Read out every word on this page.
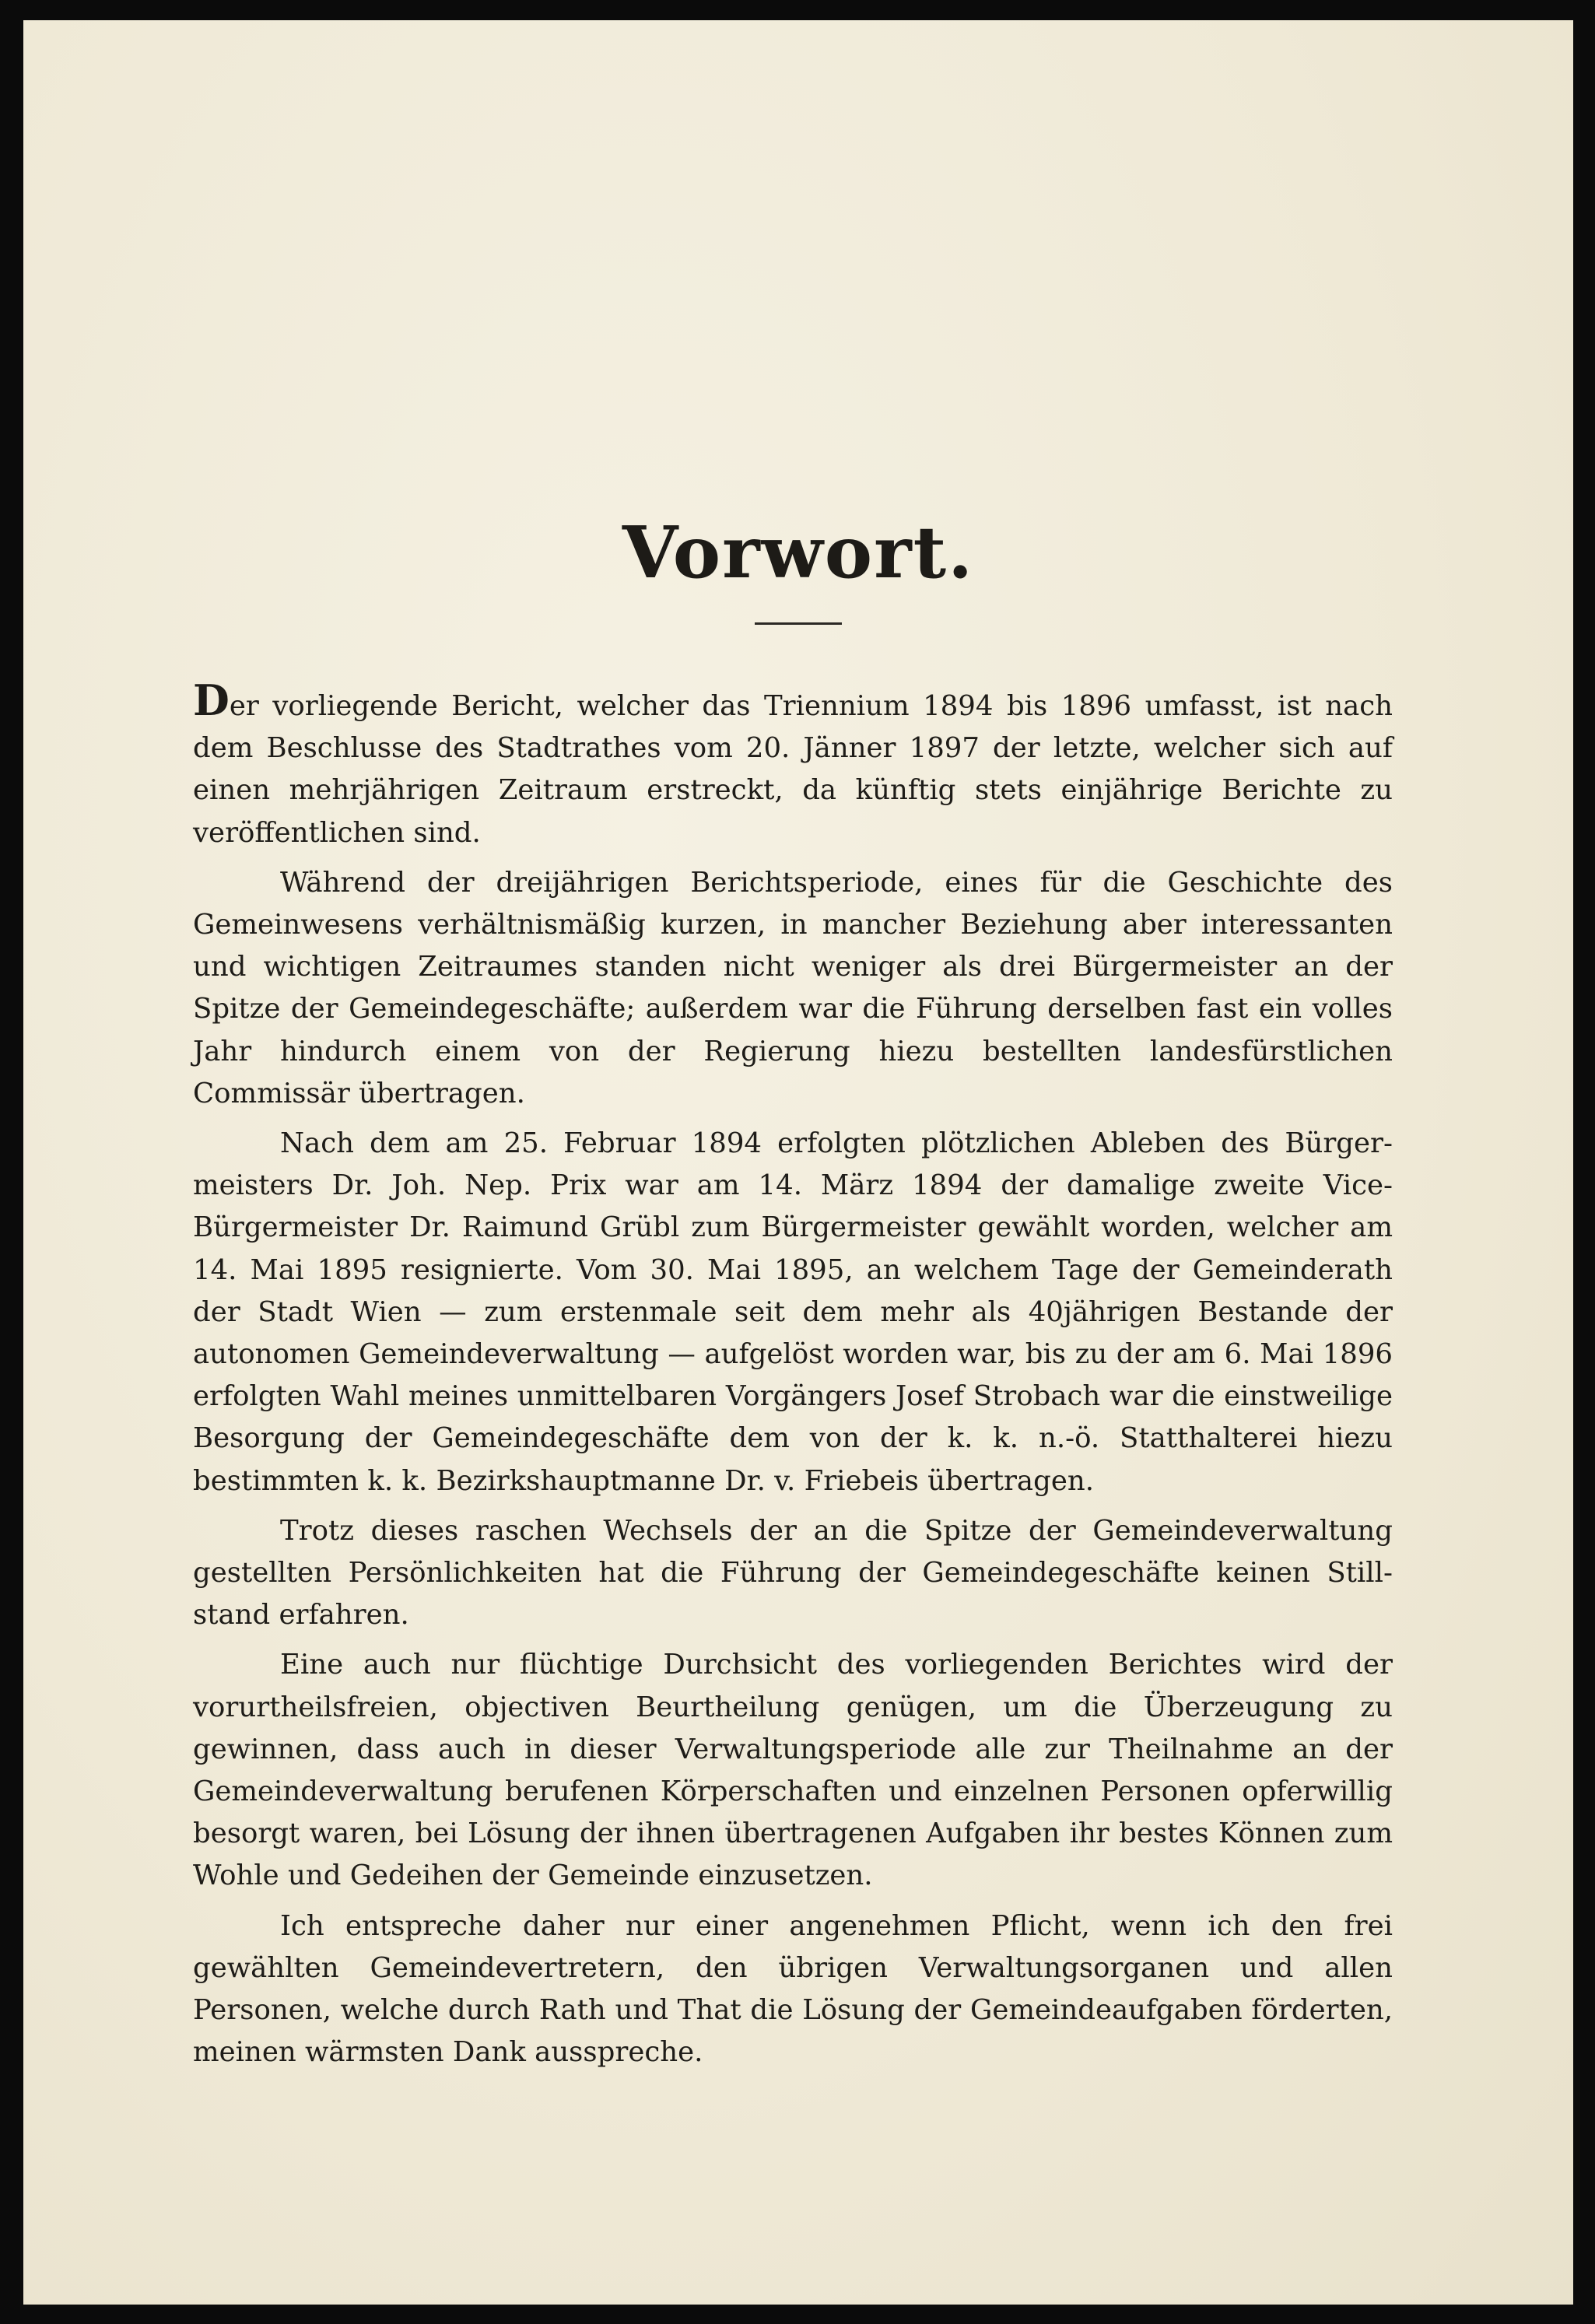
Vorwort.

Der vorliegende Bericht, welcher das Triennium 1894 bis 1896 umfasst, ist nach dem Beschlusse des Stadtrathes vom 20. Jänner 1897 der letzte, welcher sich auf einen mehrjährigen Zeitraum erstreckt, da künftig stets einjährige Berichte zu veröffentlichen sind.

Während der dreijährigen Berichtsperiode, eines für die Geschichte des Gemeinwesens verhältnismäßig kurzen, in mancher Beziehung aber interessanten und wichtigen Zeitraumes standen nicht weniger als drei Bürgermeister an der Spitze der Gemeindegeschäfte; außerdem war die Führung derselben fast ein volles Jahr hindurch einem von der Regierung hiezu bestellten landesfürstlichen Commissär übertragen.

Nach dem am 25. Februar 1894 erfolgten plötzlichen Ableben des Bürgermeisters Dr. Joh. Nep. Prix war am 14. März 1894 der damalige zweite Vice-Bürgermeister Dr. Raimund Grübl zum Bürgermeister gewählt worden, welcher am 14. Mai 1895 resignierte. Vom 30. Mai 1895, an welchem Tage der Gemeinderath der Stadt Wien — zum erstenmale seit dem mehr als 40jährigen Bestande der autonomen Gemeindeverwaltung — aufgelöst worden war, bis zu der am 6. Mai 1896 erfolgten Wahl meines unmittelbaren Vorgängers Josef Strobach war die einstweilige Besorgung der Gemeindegeschäfte dem von der k. k. n.-ö. Statthalterei hiezu bestimmten k. k. Bezirkshauptmanne Dr. v. Friebeis übertragen.

Trotz dieses raschen Wechsels der an die Spitze der Gemeindeverwaltung gestellten Persönlichkeiten hat die Führung der Gemeindegeschäfte keinen Stillstand erfahren.

Eine auch nur flüchtige Durchsicht des vorliegenden Berichtes wird der vorurtheilsfreien, objectiven Beurtheilung genügen, um die Überzeugung zu gewinnen, dass auch in dieser Verwaltungsperiode alle zur Theilnahme an der Gemeindeverwaltung berufenen Körperschaften und einzelnen Personen opferwillig besorgt waren, bei Lösung der ihnen übertragenen Aufgaben ihr bestes Können zum Wohle und Gedeihen der Gemeinde einzusetzen.

Ich entspreche daher nur einer angenehmen Pflicht, wenn ich den frei gewählten Gemeindevertretern, den übrigen Verwaltungsorganen und allen Personen, welche durch Rath und That die Lösung der Gemeindeaufgaben förderten, meinen wärmsten Dank ausspreche.
